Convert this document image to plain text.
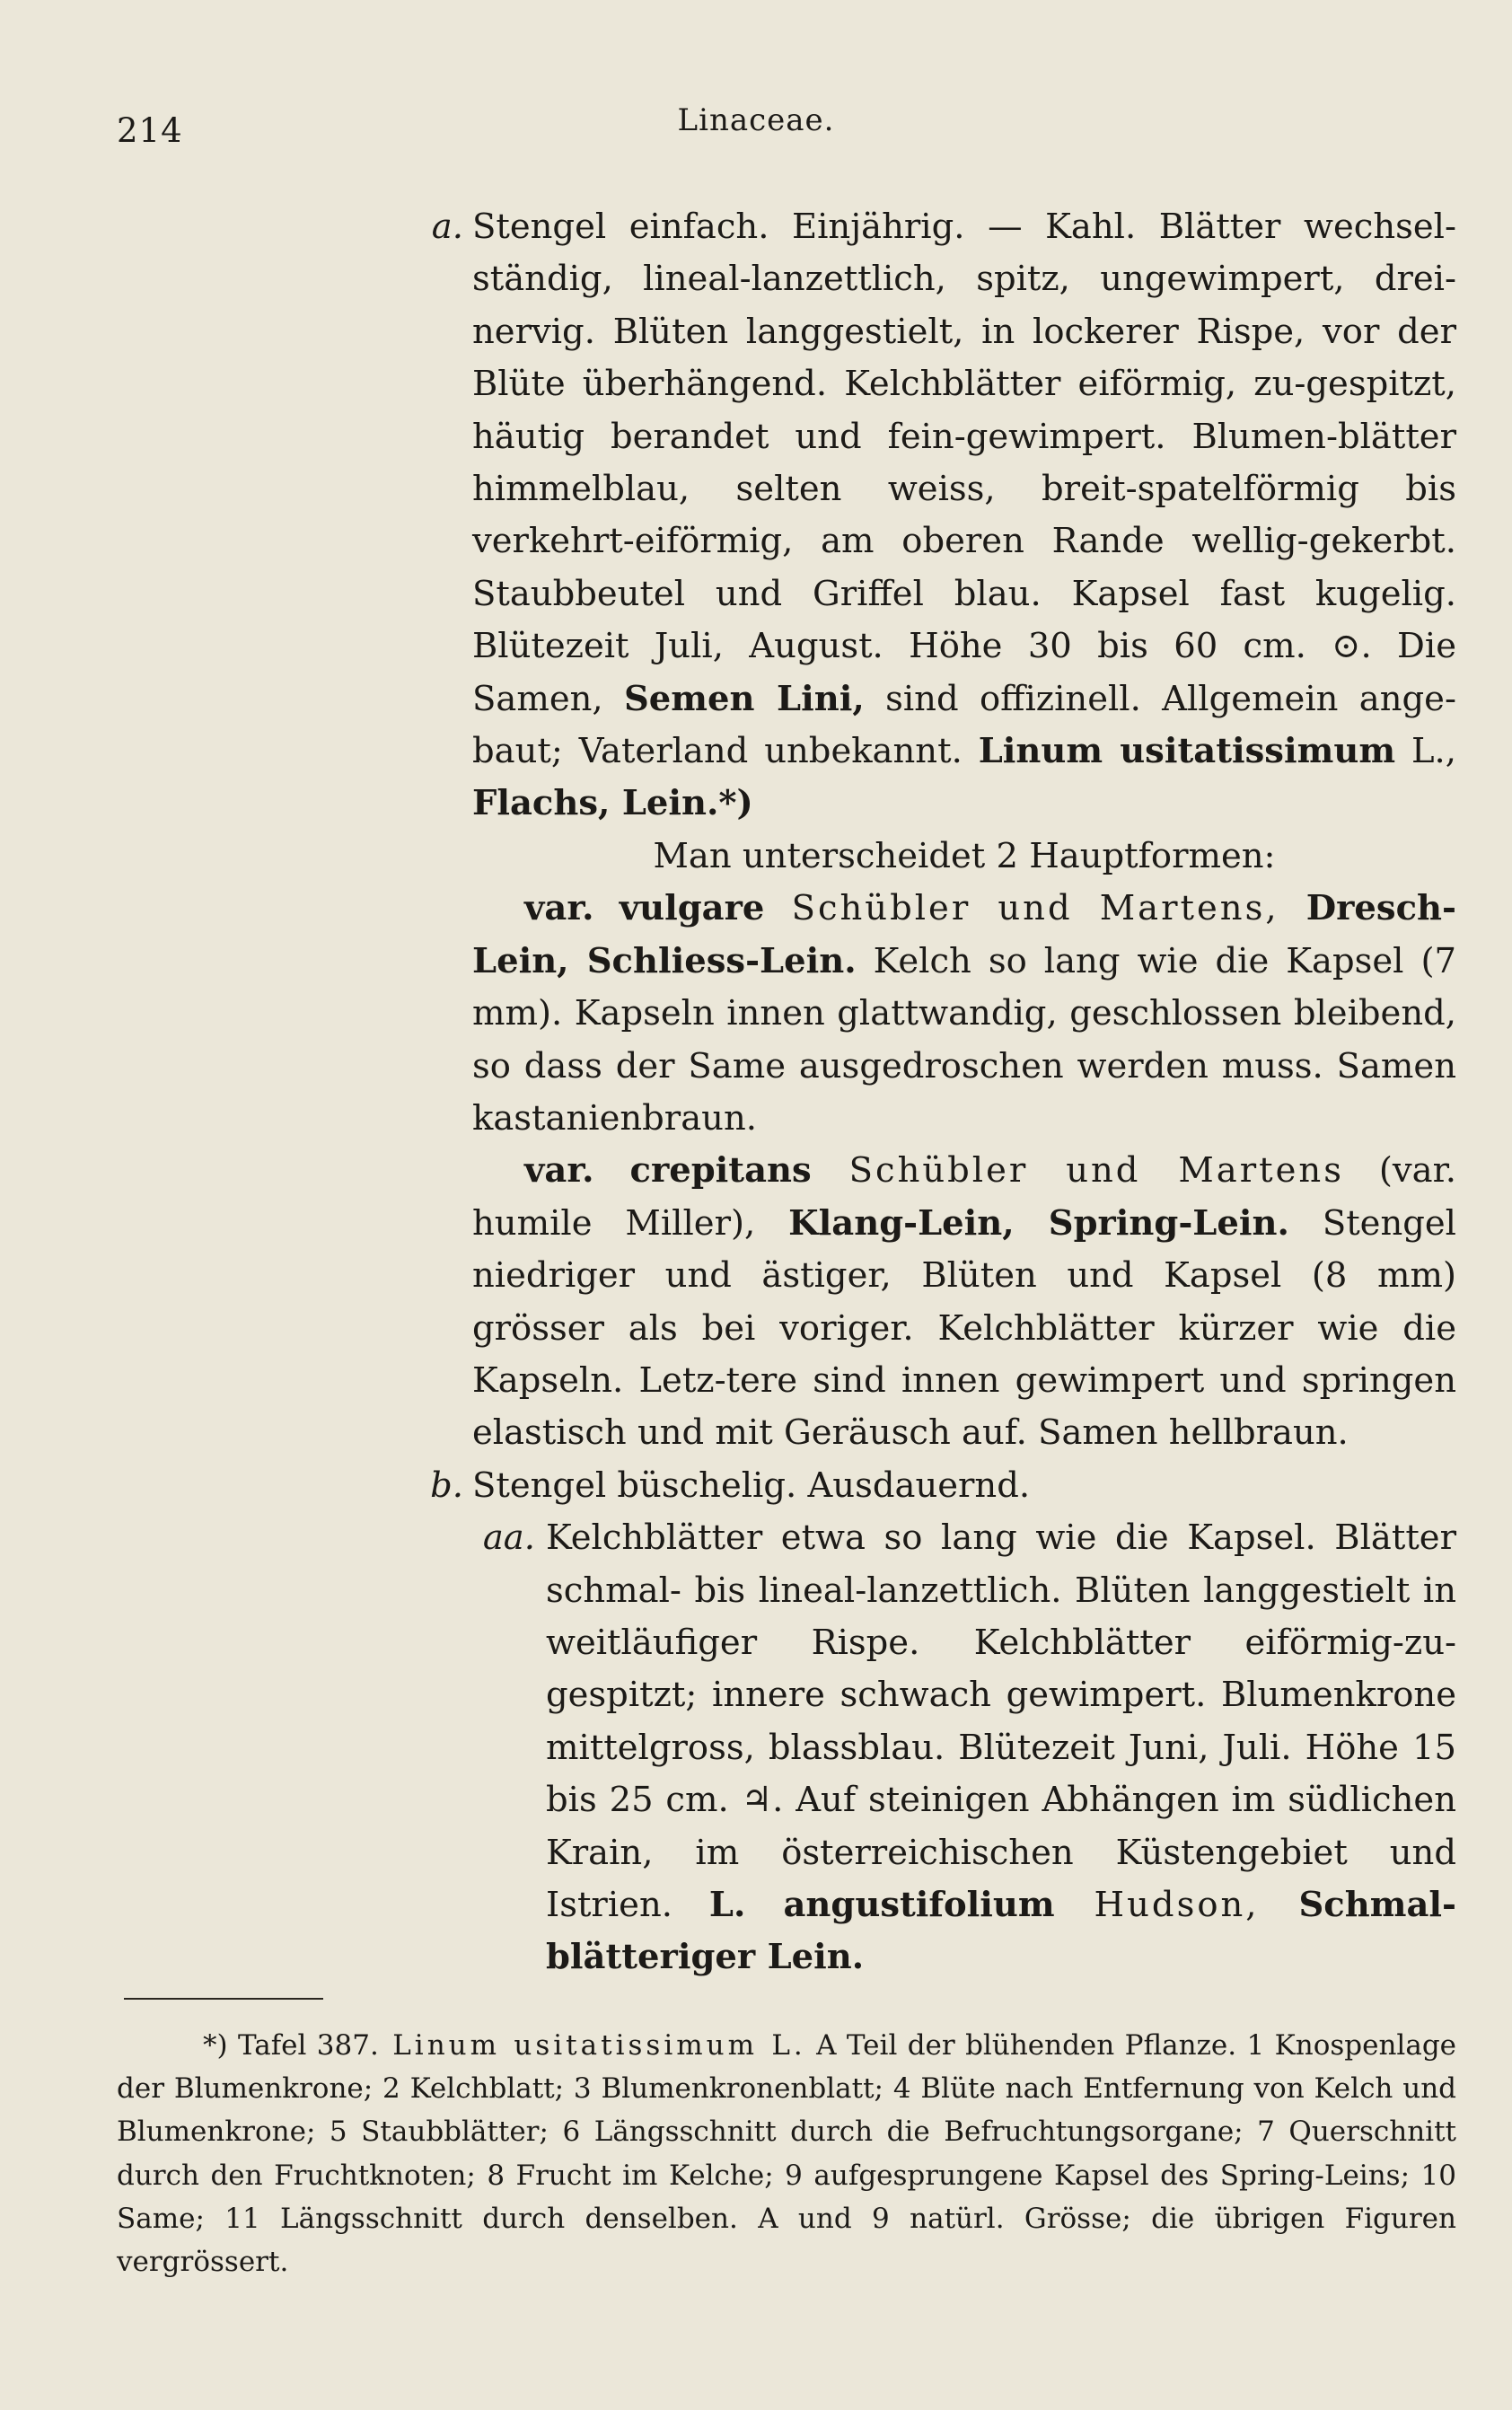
214	Linaceae.

a. Stengel einfach. Einjährig. — Kahl. Blätter wechsel-ständig, lineal-lanzettlich, spitz, ungewimpert, drei-nervig. Blüten langgestielt, in lockerer Rispe, vor der Blüte überhängend. Kelchblätter eiförmig, zu-gespitzt, häutig berandet und fein-gewimpert. Blumen-blätter himmelblau, selten weiss, breit-spatelförmig bis verkehrt-eiförmig, am oberen Rande wellig-gekerbt. Staubbeutel und Griffel blau. Kapsel fast kugelig. Blütezeit Juli, August. Höhe 30 bis 60 cm. ⊙. Die Samen, Semen Lini, sind offizinell. Allgemein ange-baut; Vaterland unbekannt. Linum usitatissimum L., Flachs, Lein.*)

Man unterscheidet 2 Hauptformen:

var. vulgare Schübler und Martens, Dresch-Lein, Schliess-Lein. Kelch so lang wie die Kapsel (7 mm). Kapseln innen glattwandig, geschlossen bleibend, so dass der Same ausgedroschen werden muss. Samen kastanienbraun.

var. crepitans Schübler und Martens (var. humile Miller), Klang-Lein, Spring-Lein. Stengel niedriger und ästiger, Blüten und Kapsel (8 mm) grösser als bei voriger. Kelchblätter kürzer wie die Kapseln. Letz-tere sind innen gewimpert und springen elastisch und mit Geräusch auf. Samen hellbraun.

b. Stengel büschelig. Ausdauernd.

aa. Kelchblätter etwa so lang wie die Kapsel. Blätter schmal- bis lineal-lanzettlich. Blüten langgestielt in weitläufiger Rispe. Kelchblätter eiförmig-zu-gespitzt; innere schwach gewimpert. Blumenkrone mittelgross, blassblau. Blütezeit Juni, Juli. Höhe 15 bis 25 cm. ♃. Auf steinigen Abhängen im südlichen Krain, im österreichischen Küstengebiet und Istrien. L. angustifolium Hudson, Schmal-blätteriger Lein.

*) Tafel 387. Linum usitatissimum L. A Teil der blühenden Pflanze. 1 Knospenlage der Blumenkrone; 2 Kelchblatt; 3 Blumenkronenblatt; 4 Blüte nach Entfernung von Kelch und Blumenkrone; 5 Staubblätter; 6 Längsschnitt durch die Befruchtungsorgane; 7 Querschnitt durch den Fruchtknoten; 8 Frucht im Kelche; 9 aufgesprungene Kapsel des Spring-Leins; 10 Same; 11 Längsschnitt durch denselben. A und 9 natürl. Grösse; die übrigen Figuren vergrössert.
